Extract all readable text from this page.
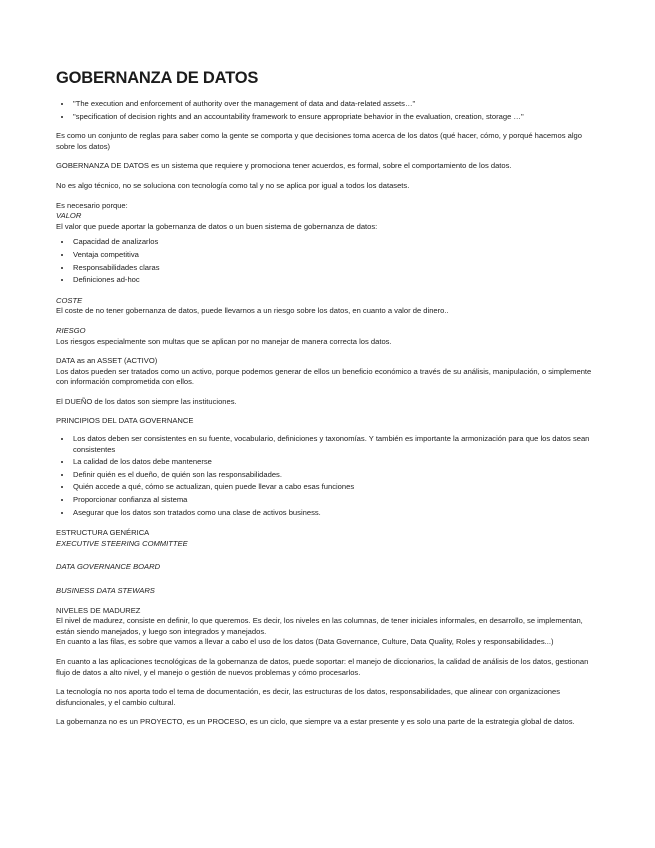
GOBERNANZA DE DATOS
• "The execution and enforcement of authority over the management of data and data-related assets…"
• "specification of decision rights and an accountability framework to ensure appropriate behavior in the evaluation, creation, storage …"

Es como un conjunto de reglas para saber como la gente se comporta y que decisiones toma acerca de los datos (qué hacer, cómo, y porqué hacemos algo sobre los datos)

GOBERNANZA DE DATOS es un sistema que requiere y promociona tener acuerdos, es formal, sobre el comportamiento de los datos.

No es algo técnico, no se soluciona con tecnología como tal y no se aplica por igual a todos los datasets.

Es necesario porque:
VALOR
El valor que puede aportar la gobernanza de datos o un buen sistema de gobernanza de datos:
• Capacidad de analizarlos
• Ventaja competitiva
• Responsabilidades claras
• Definiciones ad-hoc
COSTE
El coste de no tener gobernanza de datos, puede llevarnos a un riesgo sobre los datos, en cuanto a valor de dinero..
RIESGO
Los riesgos especialmente son multas que se aplican por no manejar de manera correcta los datos.
DATA as an ASSET (ACTIVO)
Los datos pueden ser tratados como un activo, porque podemos generar de ellos un beneficio económico a través de su análisis, manipulación, o simplemente con información comprometida con ellos.

El DUEÑO de los datos son siempre las instituciones.

PRINCIPIOS DEL DATA GOVERNANCE

• Los datos deben ser consistentes en su fuente, vocabulario, definiciones y taxonomías. Y también es importante la armonización para que los datos sean consistentes
• La calidad de los datos debe mantenerse
• Definir quién es el dueño, de quién son las responsabilidades.
• Quién accede a qué, cómo se actualizan, quien puede llevar a cabo esas funciones
• Proporcionar confianza al sistema
• Asegurar que los datos son tratados como una clase de activos business.
ESTRUCTURA GENÉRICA
EXECUTIVE STEERING COMMITTEE
DATA GOVERNANCE BOARD
BUSINESS DATA STEWARS
NIVELES DE MADUREZ
El nivel de madurez, consiste en definir, lo que queremos. Es decir, los niveles en las columnas, de tener iniciales informales, en desarrollo, se implementan, están siendo manejados, y luego son integrados y manejados.
En cuanto a las filas, es sobre que vamos a llevar a cabo el uso de los datos (Data Governance, Culture, Data Quality, Roles y responsabilidades...)

En cuanto a las aplicaciones tecnológicas de la gobernanza de datos, puede soportar: el manejo de diccionarios, la calidad de análisis de los datos, gestionan flujo de datos a alto nivel, y el manejo o gestión de nuevos problemas y cómo procesarlos.

La tecnología no nos aporta todo el tema de documentación, es decir, las estructuras de los datos, responsabilidades, que alinear con organizaciones disfuncionales, y el cambio cultural.

La gobernanza no es un PROYECTO, es un PROCESO, es un ciclo, que siempre va a estar presente y es solo una parte de la estrategia global de datos.
